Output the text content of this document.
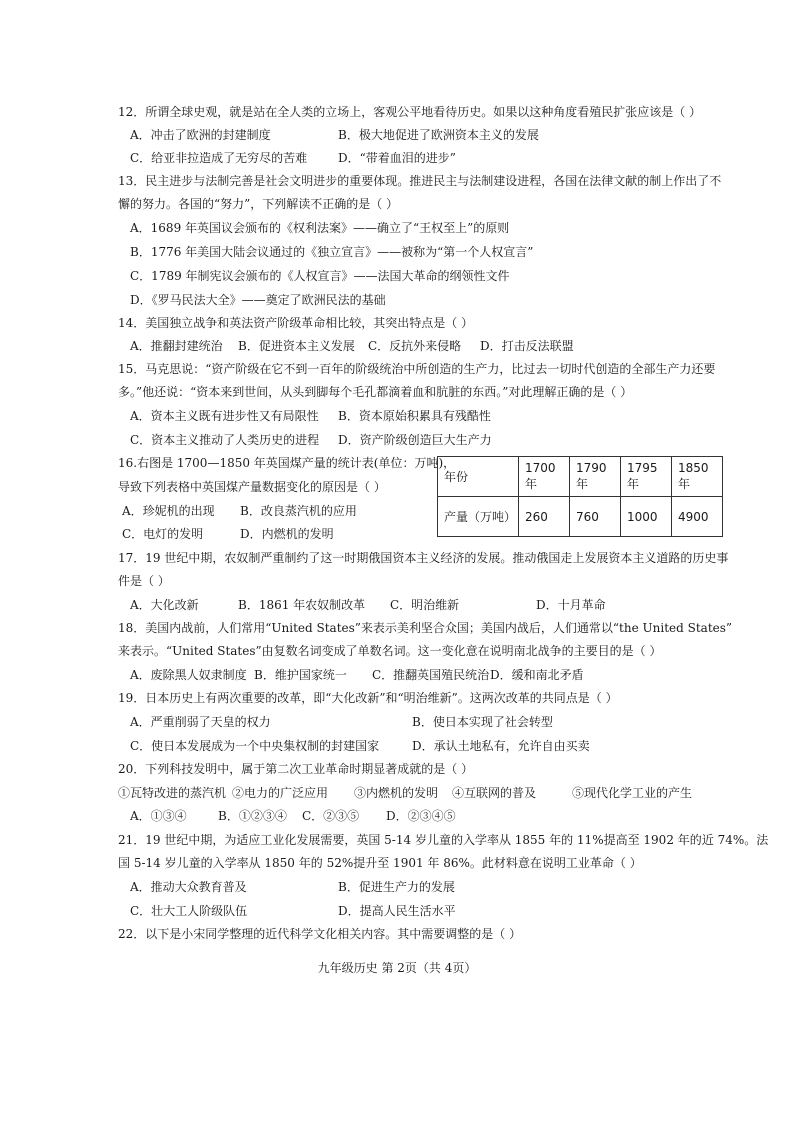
12．所谓全球史观，就是站在全人类的立场上，客观公平地看待历史。如果以这种角度看殖民扩张应该是（ ）
A．冲击了欧洲的封建制度	B．极大地促进了欧洲资本主义的发展
C．给亚非拉造成了无穷尽的苦难	D．“带着血泪的进步”
13．民主进步与法制完善是社会文明进步的重要体现。推进民主与法制建设进程，各国在法律文献的制上作出了不
懈的努力。各国的“努力”，下列解读不正确的是（ ）
A．1689 年英国议会颁布的《权利法案》——确立了“王权至上”的原则
B．1776 年美国大陆会议通过的《独立宣言》——被称为“第一个人权宣言”
C．1789 年制宪议会颁布的《人权宣言》——法国大革命的纲领性文件
D．《罗马民法大全》——奠定了欧洲民法的基础
14．美国独立战争和英法资产阶级革命相比较，其突出特点是（ ）
A．推翻封建统治 B．促进资本主义发展 C．反抗外来侵略 D．打击反法联盟
15．马克思说：“资产阶级在它不到一百年的阶级统治中所创造的生产力，比过去一切时代创造的全部生产力还要
多。”他还说：“资本来到世间，从头到脚每个毛孔都滴着血和肮脏的东西。”对此理解正确的是（ ）
A．资本主义既有进步性又有局限性 B．资本原始积累具有残酷性
C．资本主义推动了人类历史的进程 D．资产阶级创造巨大生产力
16.右图是 1700—1850 年英国煤产量的统计表(单位：万吨)，
导致下列表格中英国煤产量数据变化的原因是（ ）
A．珍妮机的出现 B．改良蒸汽机的应用
C．电灯的发明	D．内燃机的发明
年份	1700 年	1790 年	1795 年	1850 年
产量（万吨）	260	760	1000	4900
17．19 世纪中期，农奴制严重制约了这一时期俄国资本主义经济的发展。推动俄国走上发展资本主义道路的历史事
件是（ ）
A．大化改新	B．1861 年农奴制改革 C．明治维新	D．十月革命
18．美国内战前，人们常用“United States”来表示美利坚合众国；美国内战后，人们通常以“the United States”
来表示。“United States”由复数名词变成了单数名词。这一变化意在说明南北战争的主要目的是（ ）
A．废除黑人奴隶制度 B．维护国家统一 C．推翻英国殖民统治 D．缓和南北矛盾
19．日本历史上有两次重要的改革，即“大化改新”和“明治维新”。这两次改革的共同点是（ ）
A．严重削弱了天皇的权力	B．使日本实现了社会转型
C．使日本发展成为一个中央集权制的封建国家	D．承认土地私有，允许自由买卖
20．下列科技发明中，属于第二次工业革命时期显著成就的是（ ）
①瓦特改进的蒸汽机 ②电力的广泛应用 ③内燃机的发明 ④互联网的普及	⑤现代化学工业的产生
A．①③④	B．①②③④ C．②③⑤ D．②③④⑤
21．19 世纪中期，为适应工业化发展需要，英国 5-14 岁儿童的入学率从 1855 年的 11%提高至 1902 年的近 74%。法
国 5-14 岁儿童的入学率从 1850 年的 52%提升至 1901 年 86%。此材料意在说明工业革命（ ）
A．推动大众教育普及	B．促进生产力的发展
C．壮大工人阶级队伍	D．提高人民生活水平
22．以下是小宋同学整理的近代科学文化相关内容。其中需要调整的是（ ）
九年级历史 第 2页（共 4页）
